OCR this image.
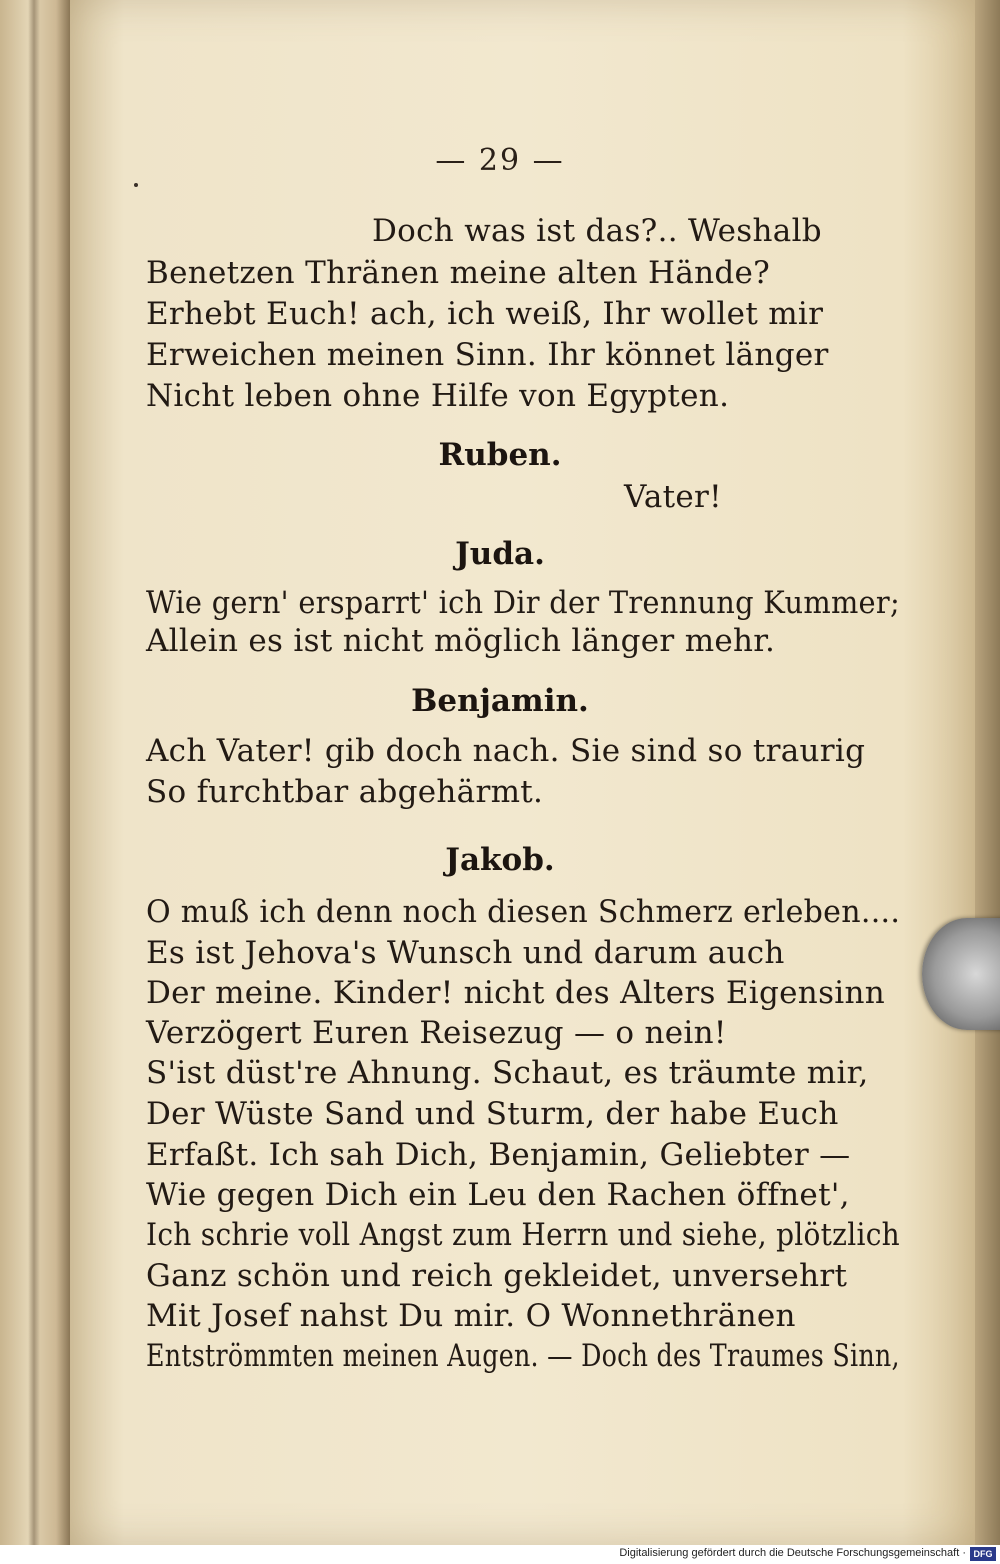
— 29 —
Doch was ist das?.. Weshalb
Benetzen Thränen meine alten Hände?
Erhebt Euch! ach, ich weiß, Ihr wollet mir
Erweichen meinen Sinn. Ihr könnet länger
Nicht leben ohne Hilfe von Egypten.
Ruben.
Vater!
Juda.
Wie gern' ersparrt' ich Dir der Trennung Kummer;
Allein es ist nicht möglich länger mehr.
Benjamin.
Ach Vater! gib doch nach. Sie sind so traurig
So furchtbar abgehärmt.
Jakob.
O muß ich denn noch diesen Schmerz erleben....
Es ist Jehova's Wunsch und darum auch
Der meine. Kinder! nicht des Alters Eigensinn
Verzögert Euren Reisezug — o nein!
S'ist düst're Ahnung. Schaut, es träumte mir,
Der Wüste Sand und Sturm, der habe Euch
Erfaßt. Ich sah Dich, Benjamin, Geliebter —
Wie gegen Dich ein Leu den Rachen öffnet',
Ich schrie voll Angst zum Herrn und siehe, plötzlich
Ganz schön und reich gekleidet, unversehrt
Mit Josef nahst Du mir. O Wonnethränen
Entströmmten meinen Augen. — Doch des Traumes Sinn,
Digitalisierung gefördert durch die Deutsche Forschungsgemeinschaft · DFG
